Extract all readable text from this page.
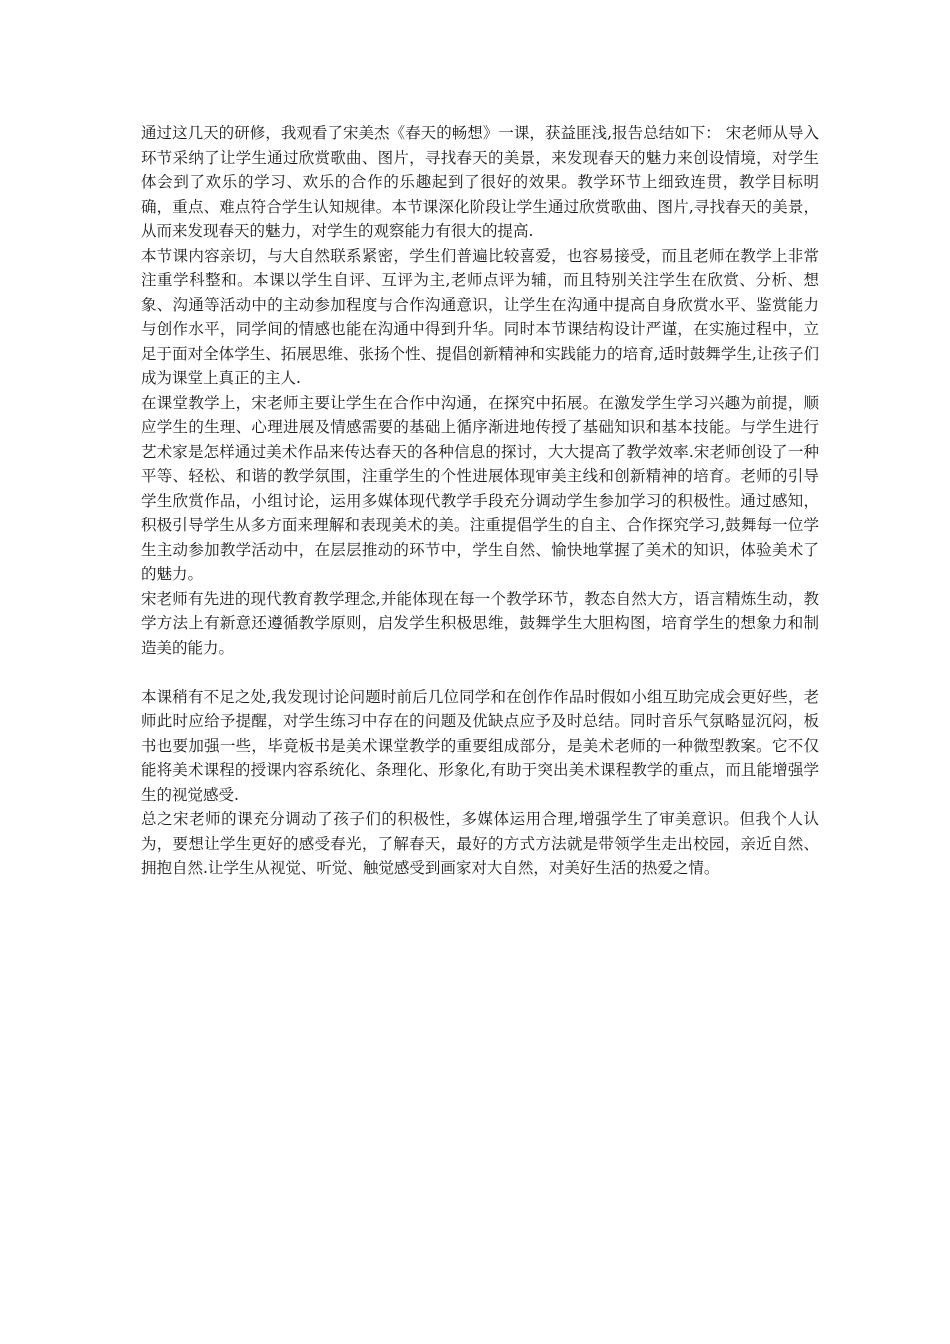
通过这几天的研修，我观看了宋美杰《春天的畅想》一课，获益匪浅,报告总结如下： 宋老师从导入环节采纳了让学生通过欣赏歌曲、图片，寻找春天的美景，来发现春天的魅力来创设情境，对学生体会到了欢乐的学习、欢乐的合作的乐趣起到了很好的效果。教学环节上细致连贯，教学目标明确，重点、难点符合学生认知规律。本节课深化阶段让学生通过欣赏歌曲、图片,寻找春天的美景，从而来发现春天的魅力，对学生的观察能力有很大的提高.

本节课内容亲切，与大自然联系紧密，学生们普遍比较喜爱，也容易接受，而且老师在教学上非常注重学科整和。本课以学生自评、互评为主,老师点评为辅，而且特别关注学生在欣赏、分析、想象、沟通等活动中的主动参加程度与合作沟通意识，让学生在沟通中提高自身欣赏水平、鉴赏能力与创作水平，同学间的情感也能在沟通中得到升华。同时本节课结构设计严谨，在实施过程中，立足于面对全体学生、拓展思维、张扬个性、提倡创新精神和实践能力的培育,适时鼓舞学生,让孩子们成为课堂上真正的主人.

在课堂教学上，宋老师主要让学生在合作中沟通，在探究中拓展。在激发学生学习兴趣为前提，顺应学生的生理、心理进展及情感需要的基础上循序渐进地传授了基础知识和基本技能。与学生进行艺术家是怎样通过美术作品来传达春天的各种信息的探讨，大大提高了教学效率.宋老师创设了一种平等、轻松、和谐的教学氛围，注重学生的个性进展体现审美主线和创新精神的培育。老师的引导学生欣赏作品，小组讨论，运用多媒体现代教学手段充分调动学生参加学习的积极性。通过感知，积极引导学生从多方面来理解和表现美术的美。注重提倡学生的自主、合作探究学习,鼓舞每一位学生主动参加教学活动中，在层层推动的环节中，学生自然、愉快地掌握了美术的知识，体验美术了的魅力。

宋老师有先进的现代教育教学理念,并能体现在每一个教学环节，教态自然大方，语言精炼生动，教学方法上有新意还遵循教学原则，启发学生积极思维，鼓舞学生大胆构图，培育学生的想象力和制造美的能力。

本课稍有不足之处,我发现讨论问题时前后几位同学和在创作作品时假如小组互助完成会更好些，老师此时应给予提醒，对学生练习中存在的问题及优缺点应予及时总结。同时音乐气氛略显沉闷，板书也要加强一些，毕竟板书是美术课堂教学的重要组成部分，是美术老师的一种微型教案。它不仅能将美术课程的授课内容系统化、条理化、形象化,有助于突出美术课程教学的重点，而且能增强学生的视觉感受.

总之宋老师的课充分调动了孩子们的积极性，多媒体运用合理,增强学生了审美意识。但我个人认为，要想让学生更好的感受春光，了解春天，最好的方式方法就是带领学生走出校园，亲近自然、拥抱自然.让学生从视觉、听觉、触觉感受到画家对大自然，对美好生活的热爱之情。
